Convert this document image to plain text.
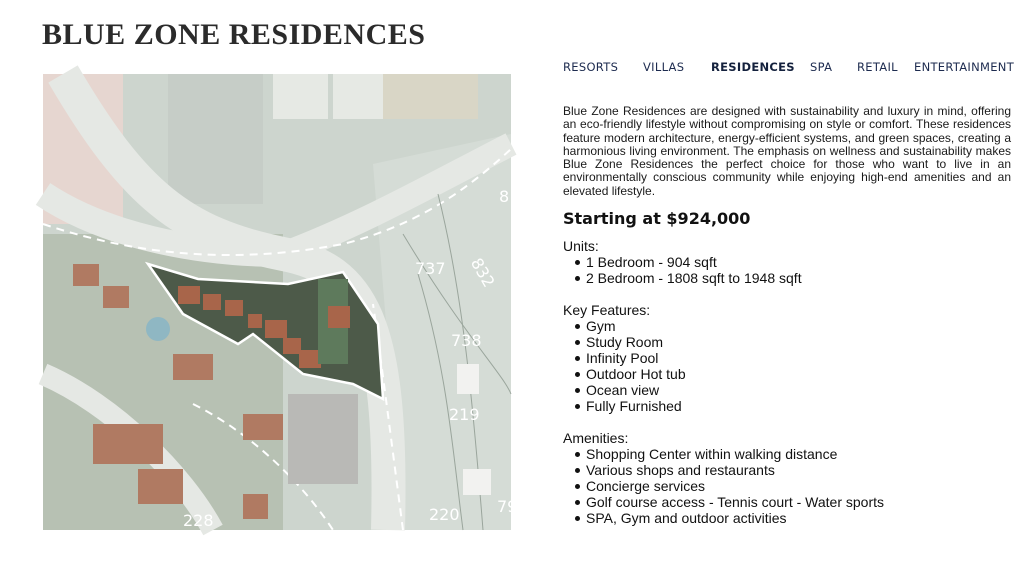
BLUE ZONE RESIDENCES
737 832
738
219
220
8
79
228
RESORTS VILLAS RESIDENCES SPA RETAIL ENTERTAINMENT

Blue Zone Residences are designed with sustainability and luxury in mind, offering an eco-friendly lifestyle without compromising on style or comfort. These residences feature modern architecture, energy-efficient systems, and green spaces, creating a harmonious living environment. The emphasis on wellness and sustainability makes Blue Zone Residences the perfect choice for those who want to live in an environmentally conscious community while enjoying high-end amenities and an elevated lifestyle.

Starting at $924,000
Units:
1 Bedroom - 904 sqft
2 Bedroom - 1808 sqft to 1948 sqft
Key Features:
Gym
Study Room
Infinity Pool
Outdoor Hot tub
Ocean view
Fully Furnished
Amenities:
Shopping Center within walking distance
Various shops and restaurants
Concierge services
Golf course access - Tennis court - Water sports
SPA, Gym and outdoor activities
